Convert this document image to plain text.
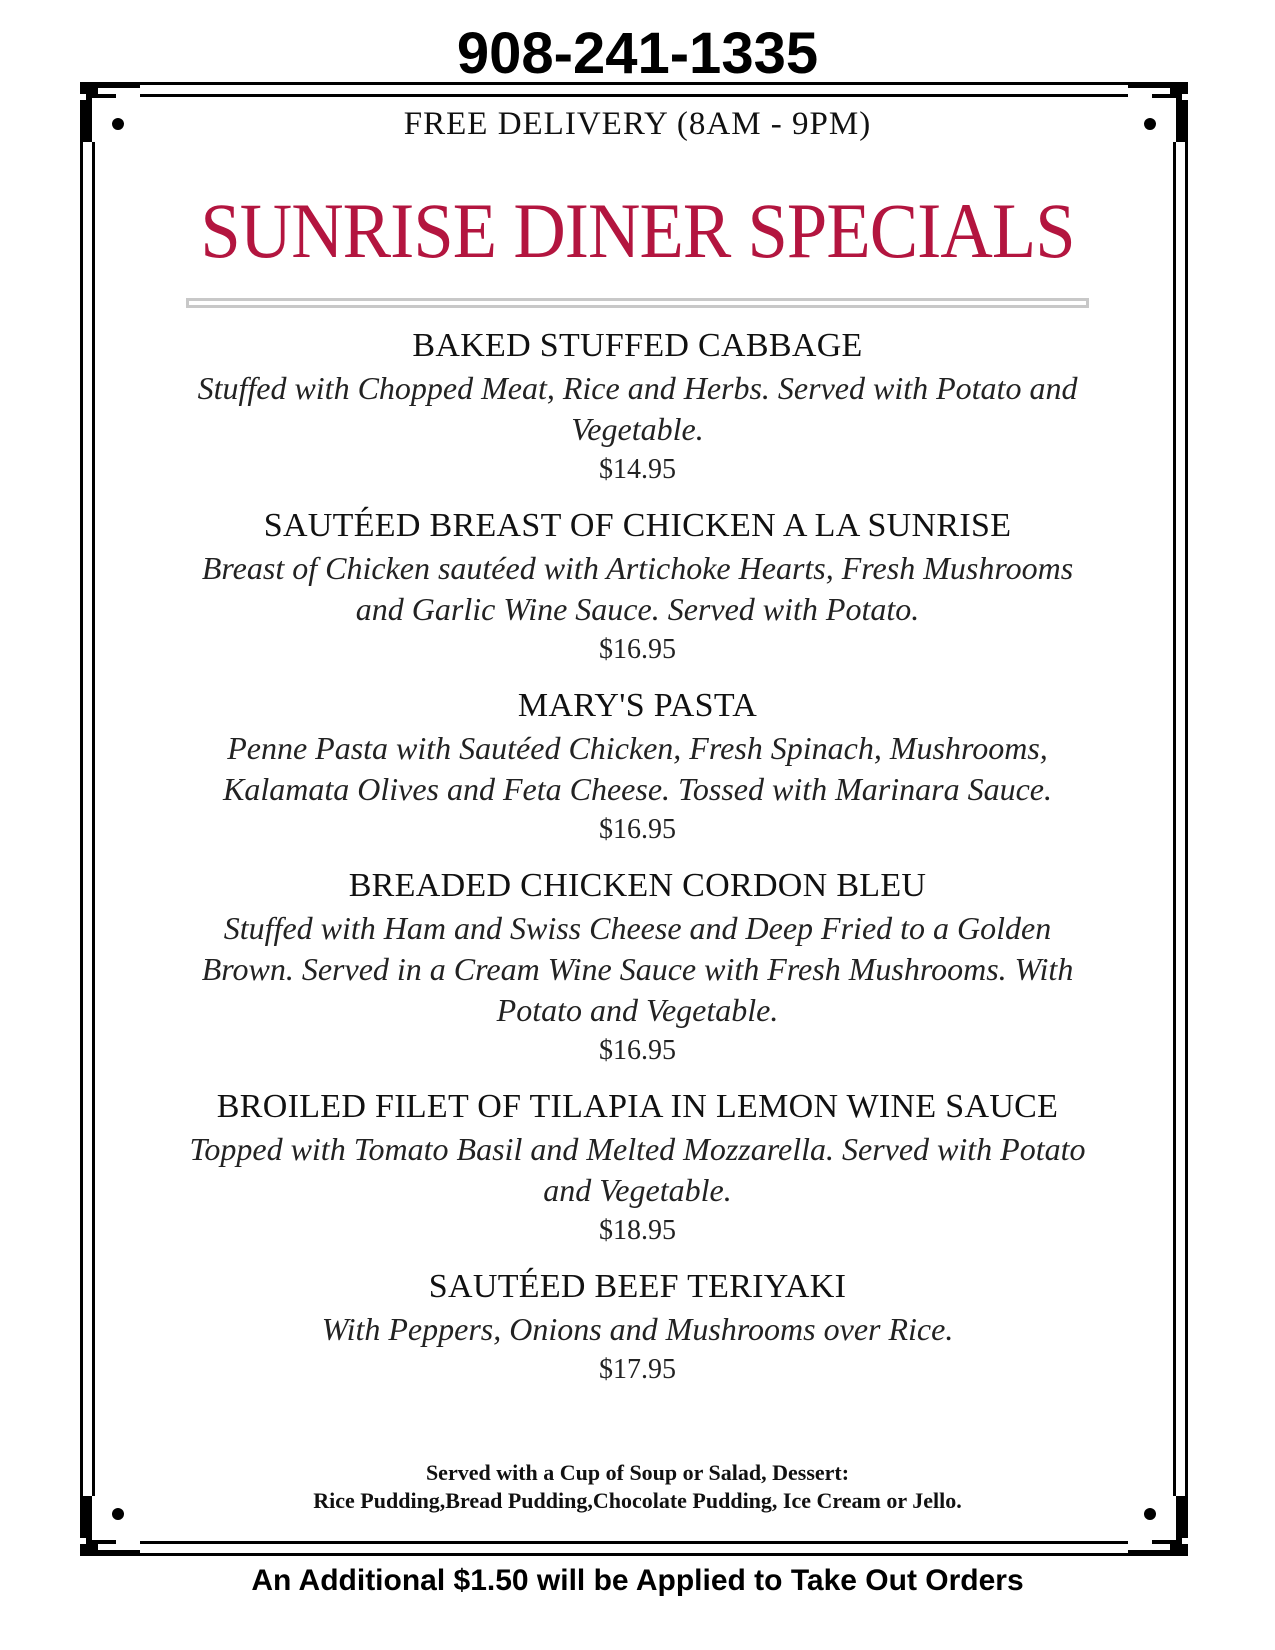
908-241-1335
FREE DELIVERY (8AM - 9PM)
SUNRISE DINER SPECIALS
BAKED STUFFED CABBAGE
Stuffed with Chopped Meat, Rice and Herbs. Served with Potato and Vegetable.
$14.95
SAUTÉED BREAST OF CHICKEN A LA SUNRISE
Breast of Chicken sautéed with Artichoke Hearts, Fresh Mushrooms and Garlic Wine Sauce. Served with Potato.
$16.95
MARY'S PASTA
Penne Pasta with Sautéed Chicken, Fresh Spinach, Mushrooms, Kalamata Olives and Feta Cheese. Tossed with Marinara Sauce.
$16.95
BREADED CHICKEN CORDON BLEU
Stuffed with Ham and Swiss Cheese and Deep Fried to a Golden Brown. Served in a Cream Wine Sauce with Fresh Mushrooms. With Potato and Vegetable.
$16.95
BROILED FILET OF TILAPIA IN LEMON WINE SAUCE
Topped with Tomato Basil and Melted Mozzarella. Served with Potato and Vegetable.
$18.95
SAUTÉED BEEF TERIYAKI
With Peppers, Onions and Mushrooms over Rice.
$17.95
Served with a Cup of Soup or Salad, Dessert:
Rice Pudding,Bread Pudding,Chocolate Pudding, Ice Cream or Jello.
An Additional $1.50 will be Applied to Take Out Orders
